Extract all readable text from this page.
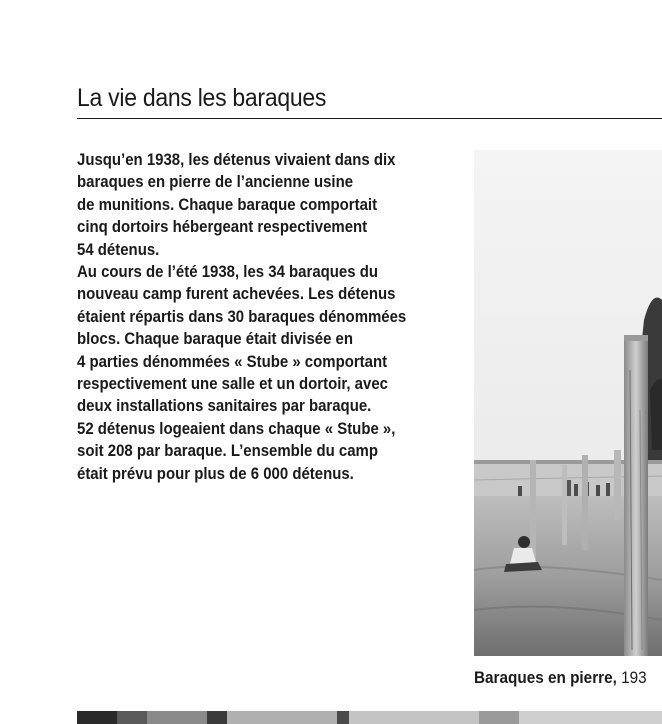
La vie dans les baraques
Jusqu’en 1938, les détenus vivaient dans dix
baraques en pierre de l’ancienne usine
de munitions. Chaque baraque comportait
cinq dortoirs hébergeant respectivement
54 détenus.
Au cours de l’été 1938, les 34 baraques du
nouveau camp furent achevées. Les détenus
étaient répartis dans 30 baraques dénommées
blocs. Chaque baraque était divisée en
4 parties dénommées « Stube » comportant
respectivement une salle et un dortoir, avec
deux installations sanitaires par baraque.
52 détenus logeaient dans chaque « Stube »,
soit 208 par baraque. L’ensemble du camp
était prévu pour plus de 6 000 détenus.
Baraques en pierre, 193
